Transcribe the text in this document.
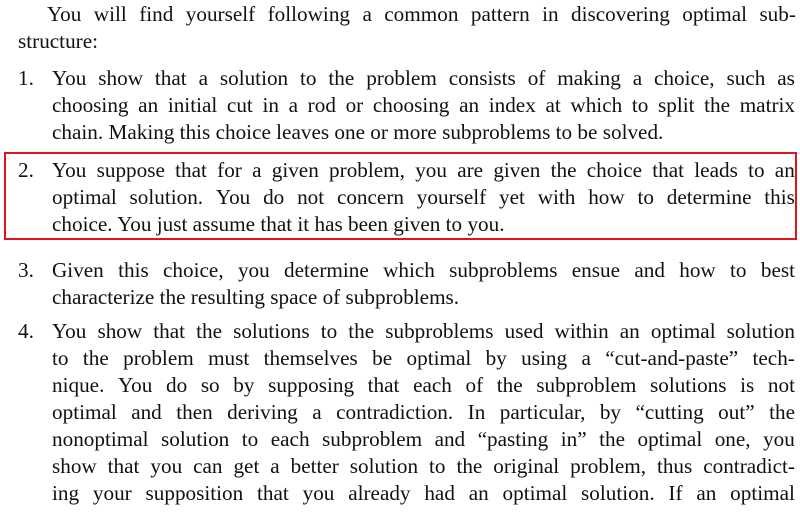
You will find yourself following a common pattern in discovering optimal sub-
structure:
1. You show that a solution to the problem consists of making a choice, such as
choosing an initial cut in a rod or choosing an index at which to split the matrix
chain. Making this choice leaves one or more subproblems to be solved.
2. You suppose that for a given problem, you are given the choice that leads to an
optimal solution. You do not concern yourself yet with how to determine this
choice. You just assume that it has been given to you.
3. Given this choice, you determine which subproblems ensue and how to best
characterize the resulting space of subproblems.
4. You show that the solutions to the subproblems used within an optimal solution
to the problem must themselves be optimal by using a “cut-and-paste” tech-
nique. You do so by supposing that each of the subproblem solutions is not
optimal and then deriving a contradiction. In particular, by “cutting out” the
nonoptimal solution to each subproblem and “pasting in” the optimal one, you
show that you can get a better solution to the original problem, thus contradict-
ing your supposition that you already had an optimal solution. If an optimal
